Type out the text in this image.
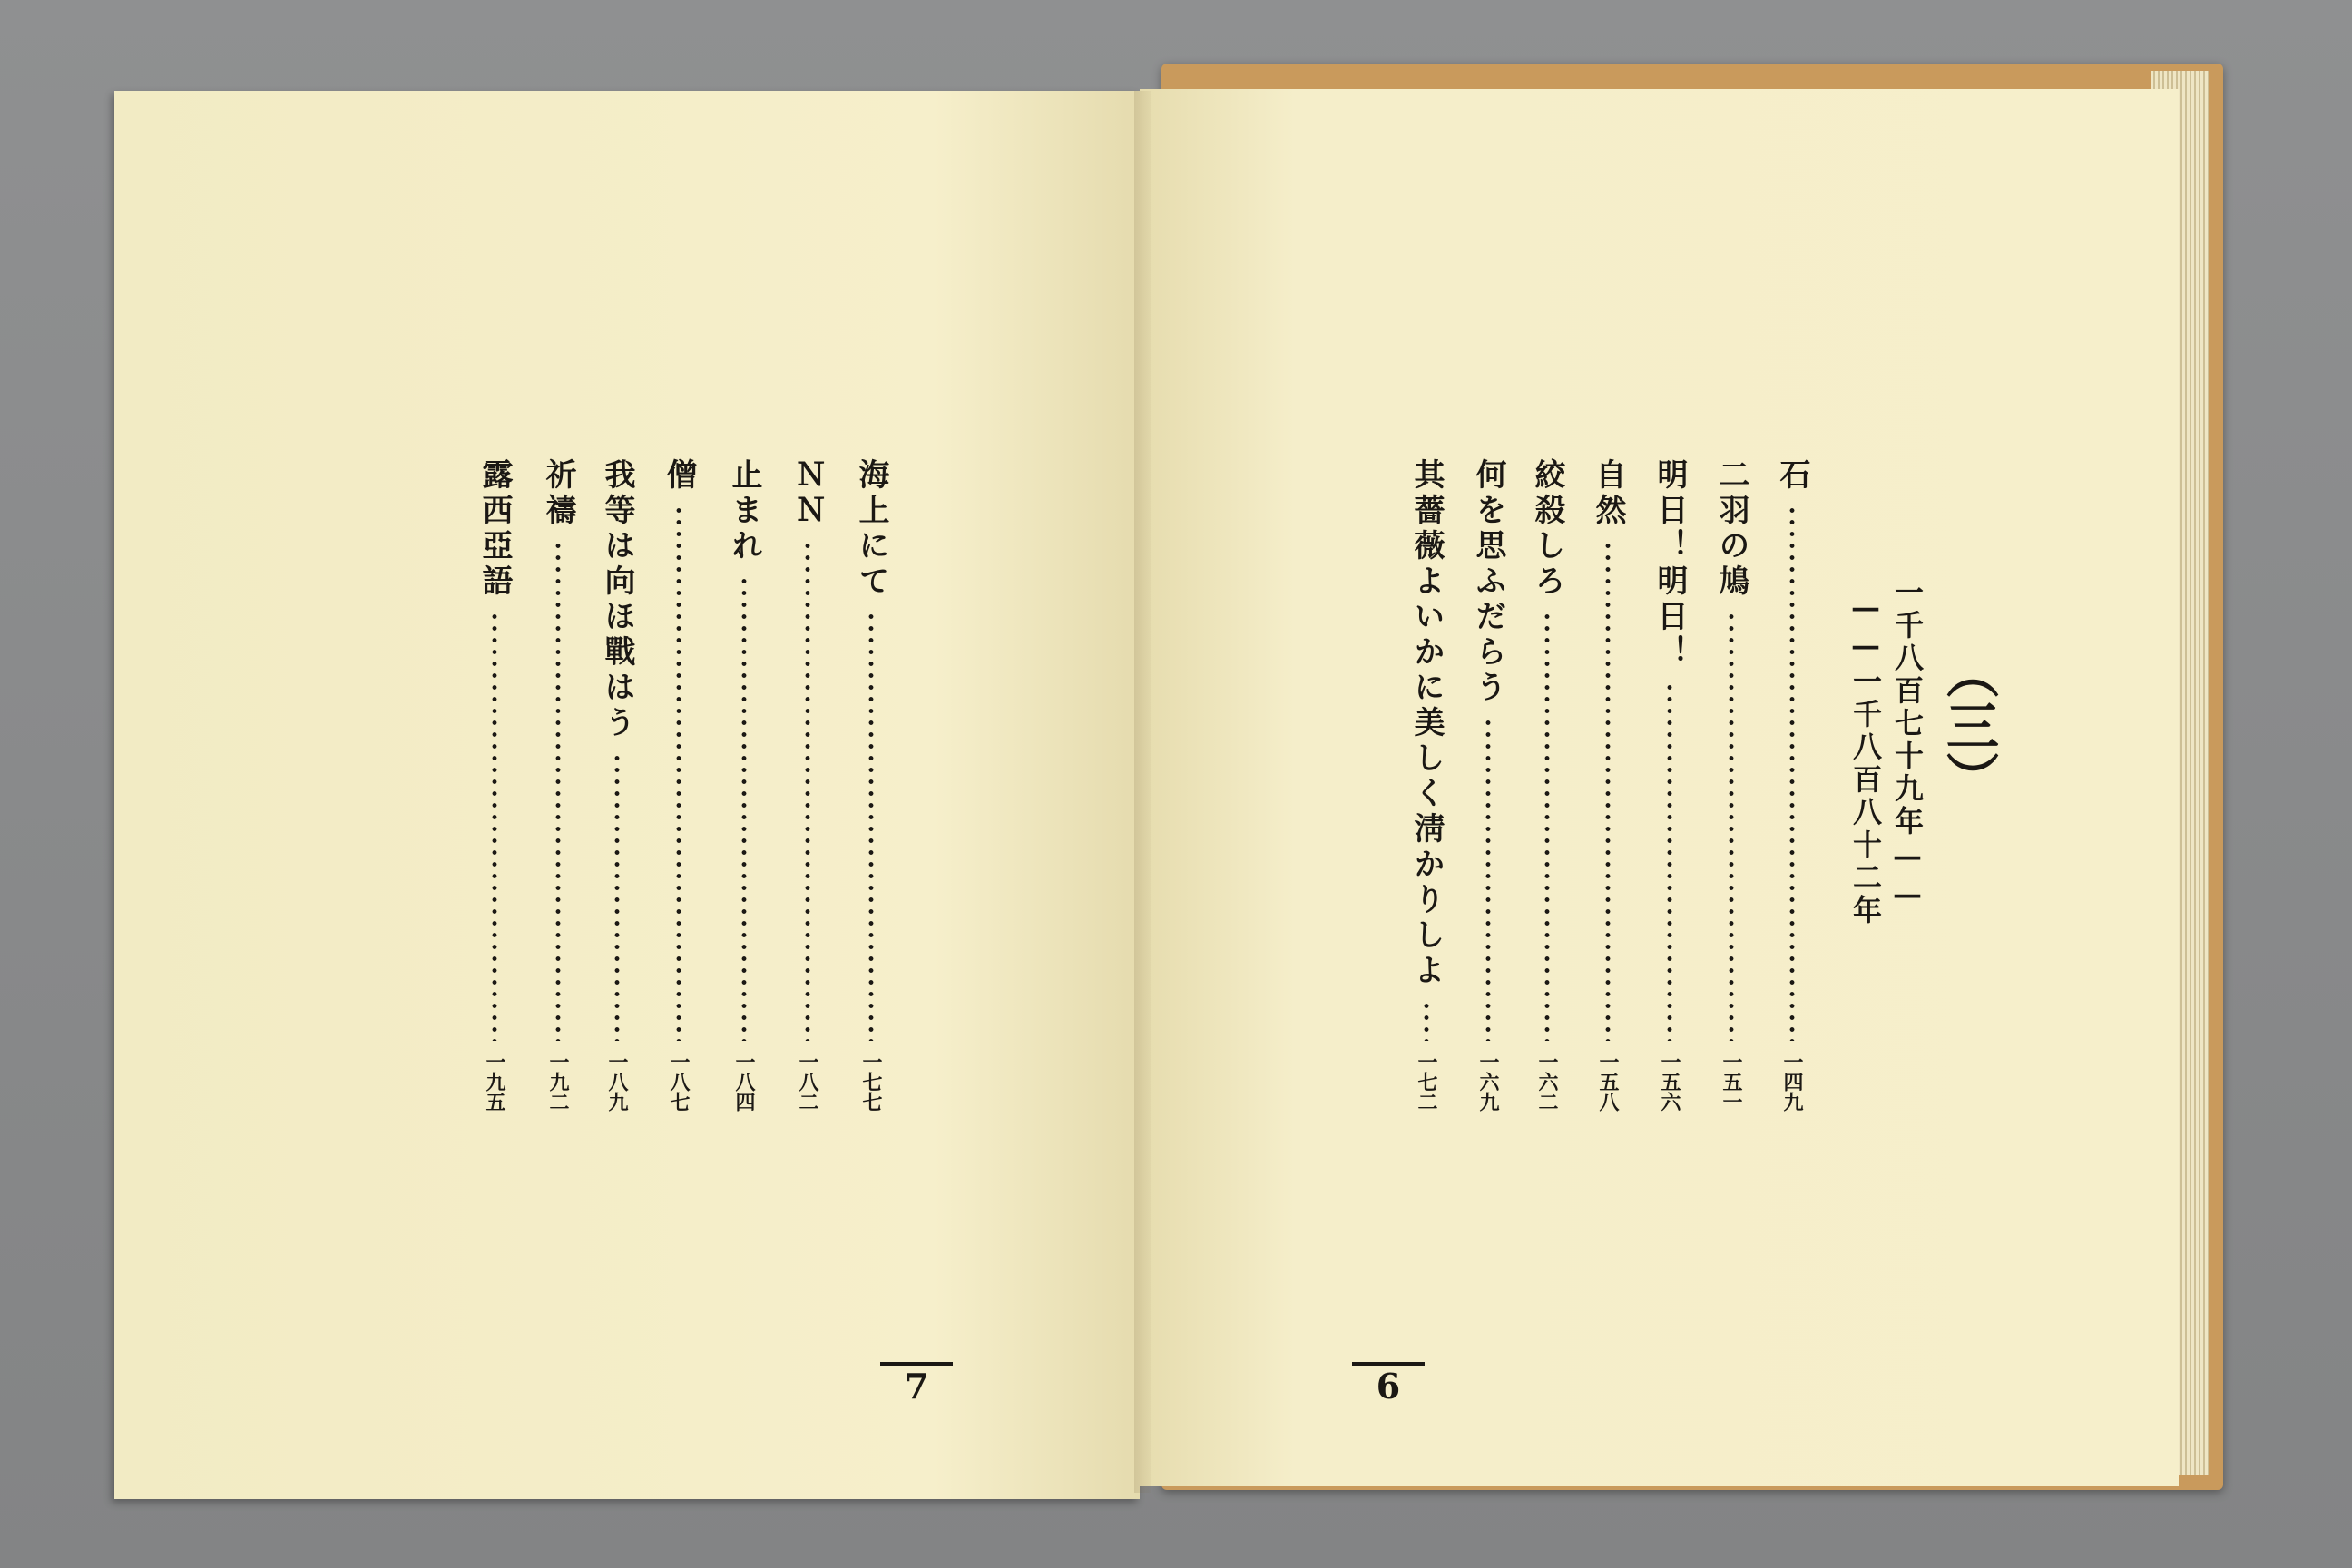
海上にて
一七七
ＮＮ
一八二
止まれ
一八四
僧
一八七
我等は向ほ戰はう
一八九
祈禱
一九二
露西亞語
一九五
7
（三）
一千八百七十九年——
——一千八百八十二年
石
一四九
二羽の鳩
一五一
明日！明日！
一五六
自然
一五八
絞殺しろ
一六二
何を思ふだらう
一六九
其薔薇よいかに美しく淸かりしよ
一七二
6
